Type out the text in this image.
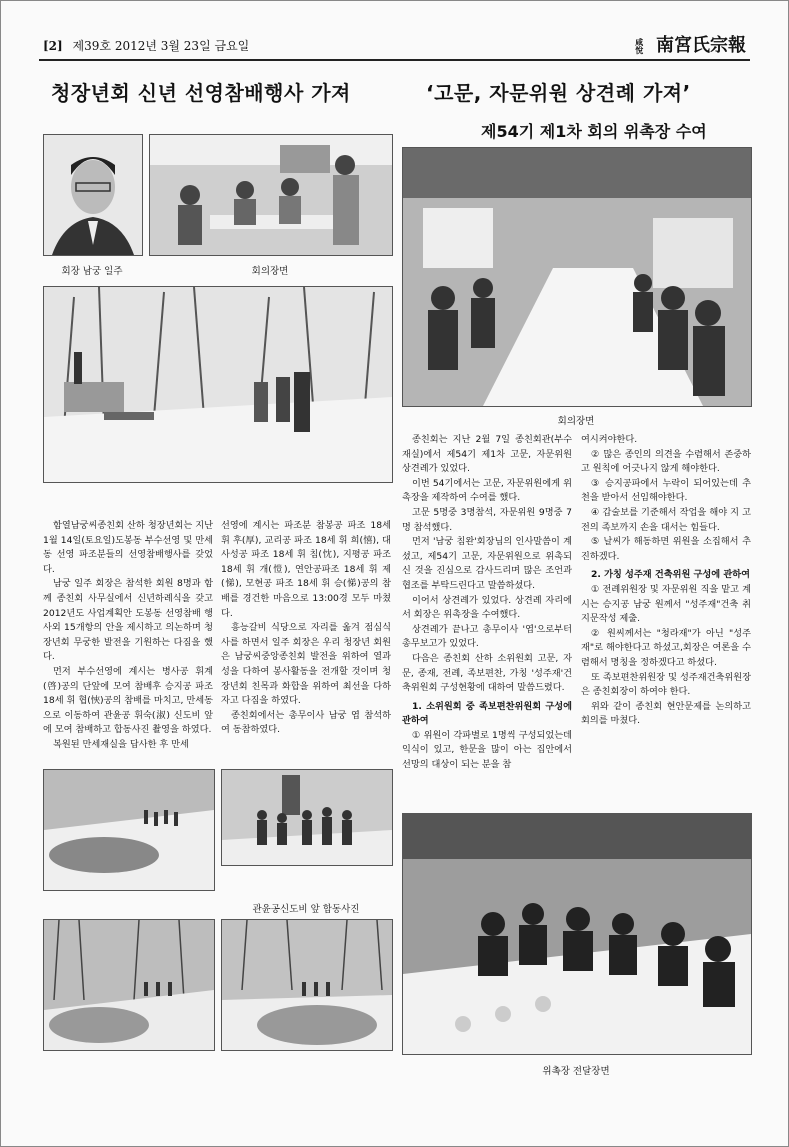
[2] 제39호 2012년 3월 23일 금요일	咸悅 南宮氏宗報
청장년회 신년 선영참배행사 가져
회장 남궁 일주	회의장면

함열남궁씨종친회 산하 청장년회는 지난 1월 14일(토요일)도봉동 부수선영 및 만세동 선영 파조분들의 선영참배행사를 갖었다.

남궁 일주 회장은 참석한 회원 8명과 함께 종친회 사무실에서 신년하례식을 갖고 2012년도 사업계획안 도봉동 선영참배 행사외 15개항의 안을 제시하고 의논하며 청장년회 무궁한 발전을 기원하는 다짐을 했다.

먼저 부수선영에 계시는 병사공 휘계(啓)공의 단앞에 모여 참배후 승지공 파조 18세 휘 협(悏)공의 참배를 마치고, 만세동으로 이동하여 관윤공 휘숙(淑) 신도비 앞에 모여 참배하고 합동사진 촬영을 하였다.

복원된 만세재실을 답사한 후 만세

선영에 계시는 파조분 참봉공 파조 18세 휘 후(厚), 교리공 파조 18세 휘 희(憘), 대사성공 파조 18세 휘 침(忱), 지평공 파조 18세 휘 개(愷), 연안공파조 18세 휘 제(悌), 모현공 파조 18세 휘 승(悌)공의 참배를 경건한 마음으로 13:00경 모두 마쳤다.

흥능갈비 식당으로 자리를 옮겨 점심식사를 하면서 일주 회장은 우리 청장년 회원은 남궁씨중앙종친회 발전을 위하여 열과성을 다하여 봉사활동을 전개할 것이며 청장년회 친목과 화합을 위하여 최선을 다하자고 다짐을 하였다.

종친회에서는 총무이사 남궁 엽 참석하여 동참하였다.

관윤공신도비 앞 합동사진
‘고문, 자문위원 상견례 가져’
제54기 제1차 회의 위촉장 수여
회의장면

종친회는 지난 2월 7일 종친회관(부수재실)에서 제54기 제1차 고문, 자문위원 상견례가 있었다.

이번 54기에서는 고문, 자문위원에게 위촉장을 제작하여 수여를 했다.

고문 5명중 3명참석, 자문위원 9명중 7명 참석했다.

먼저 '남궁 침완'회장님의 인사말씀이 계셨고, 제54기 고문, 자문위원으로 위촉되신 것을 진심으로 감사드리며 많은 조언과 협조를 부탁드린다고 말씀하셨다.

이어서 상견례가 있었다. 상견례 자리에서 회장은 위촉장을 수여했다.

상견례가 끝나고 총무이사 '엽'으로부터 총무보고가 있었다.

다음은 종친회 산하 소위원회 고문, 자문, 종재, 전례, 족보편찬, 가칭 '성주재'건축위원회 구성현황에 대하여 말씀드렸다.

1. 소위원회 중 족보편찬위원회 구성에 관하여

① 위원이 각파별로 1명씩 구성되었는데 익식이 있고, 한문을 많이 아는 집안에서 선망의 대상이 되는 분을 참

여시켜야한다.

② 많은 종인의 의견을 수렴해서 존중하고 원칙에 어긋나지 않게 해야한다.

③ 승지공파에서 누락이 되어있는데 추천을 받아서 선임해야한다.

④ 갑술보를 기준해서 작업을 해야 지 고 전의 족보까지 손을 대서는 힘들다.

⑤ 날씨가 해동하면 위원을 소집해서 추진하겠다.

2. 가칭 성주재 건축위원 구성에 관하여

① 전례위원장 및 자문위원 직을 맡고 계시는 승지공 남궁 원께서 "성주재"건축 취지문작성 제출.

② 원씨께서는 "청라재"가 아닌 "성주재"로 해야한다고 하셨고,회장은 여론을 수렴해서 명칭을 정하겠다고 하셨다.

또 족보편찬위원장 및 성주재건축위원장은 종친회장이 하여야 한다.

위와 같이 종친회 현안문제를 논의하고 회의를 마쳤다.

위촉장 전달장면
